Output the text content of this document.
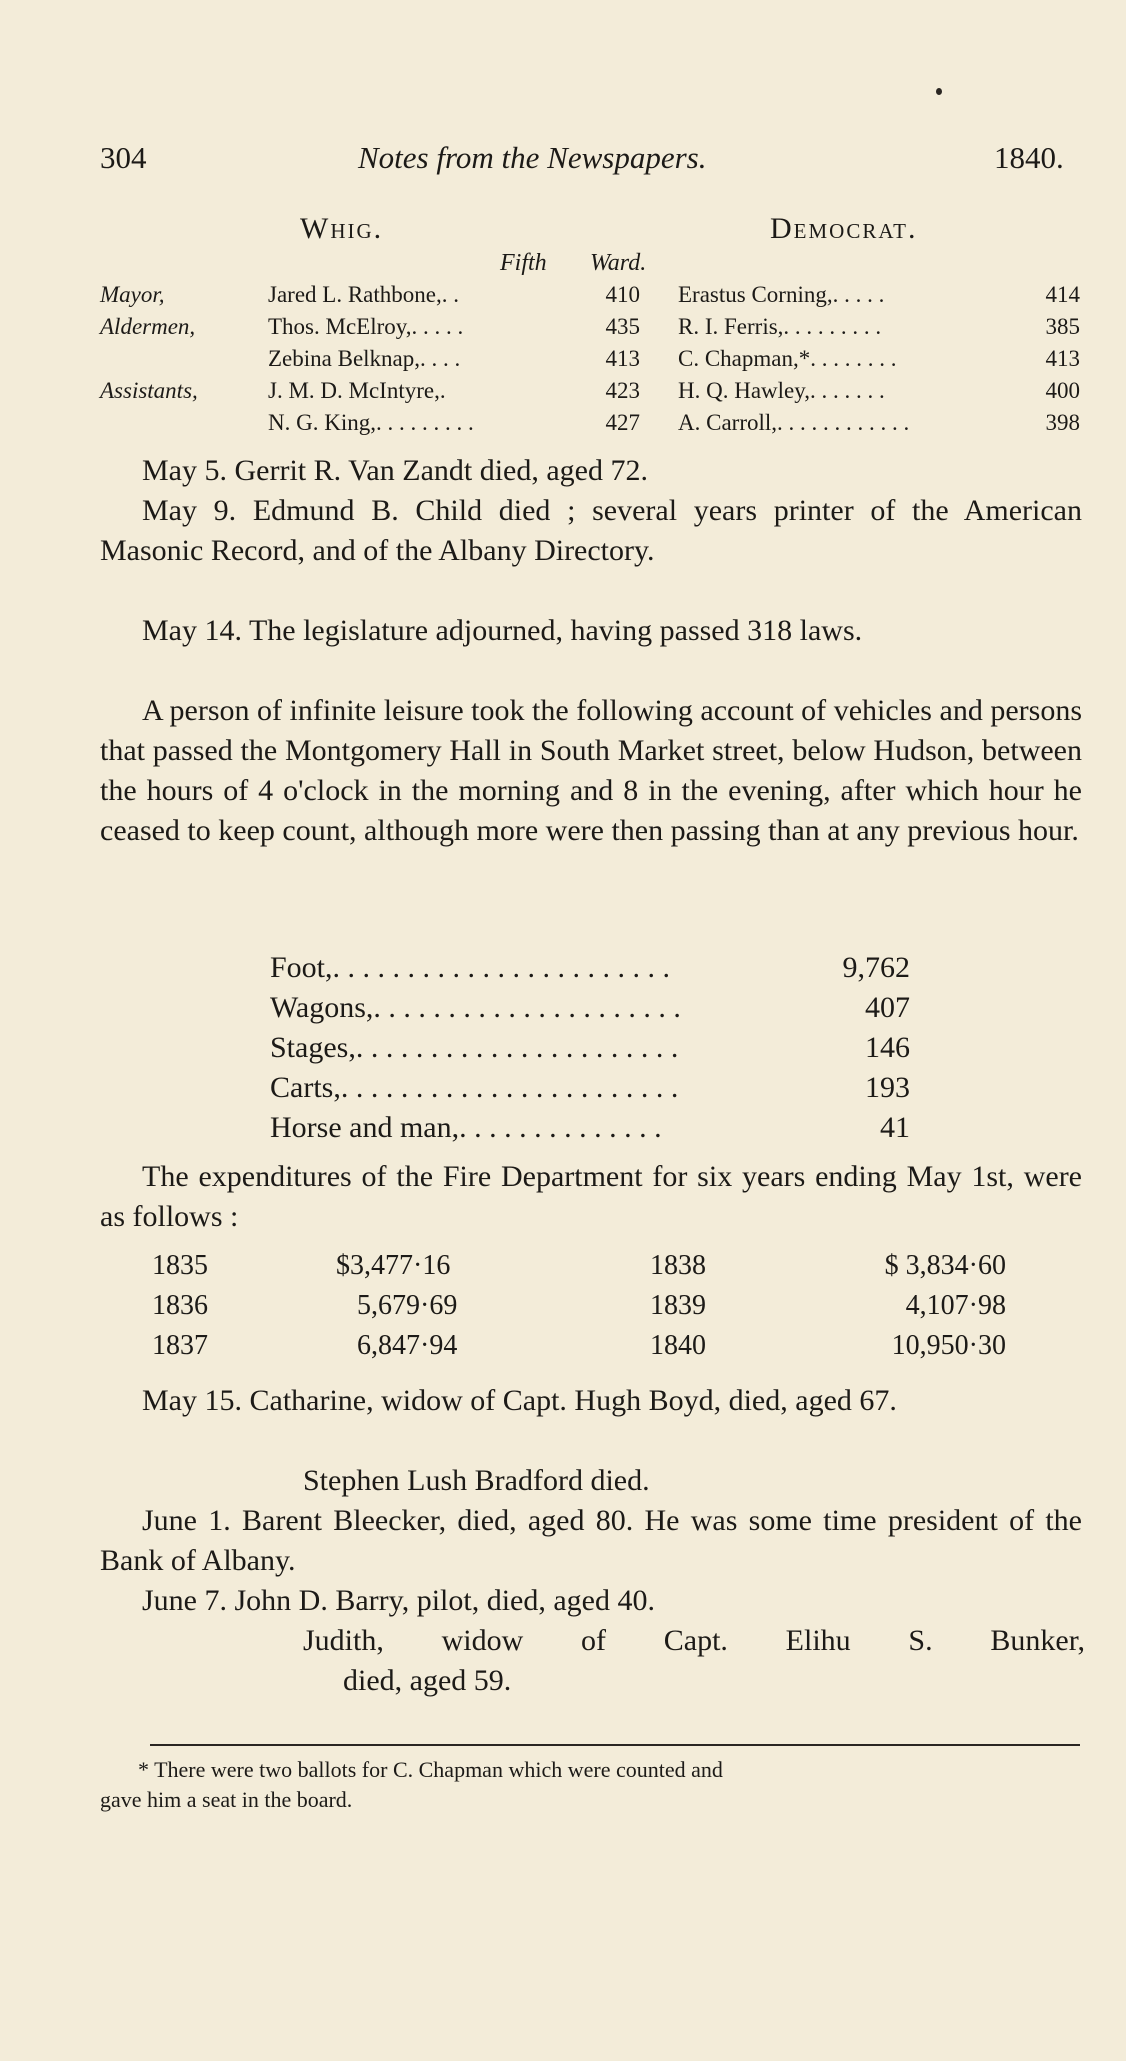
304	Notes from the Newspapers.	1840.
Whig.	Democrat.
Fifth Ward.
Mayor,	Jared L. Rathbone,. .	410 Erastus Corning,. . . . .	414
Aldermen,	Thos. McElroy,. . . . .	435 R. I. Ferris,. . . . . . . . .	385
Zebina Belknap,. . . .	413 C. Chapman,*. . . . . . . .	413
Assistants,	J. M. D. McIntyre,.	423 H. Q. Hawley,. . . . . . .	400
N. G. King,. . . . . . . . .	427 A. Carroll,. . . . . . . . . . . .	398
May 5. Gerrit R. Van Zandt died, aged 72.
May 9. Edmund B. Child died ; several years printer of the American Masonic Record, and of the Albany Directory.
May 14. The legislature adjourned, having passed 318 laws.
A person of infinite leisure took the following account of vehicles and persons that passed the Montgomery Hall in South Market street, below Hudson, between the hours of 4 o'clock in the morning and 8 in the evening, after which hour he ceased to keep count, although more were then passing than at any previous hour.
Foot,. . . . . . . . . . . . . . . . . . . . . . .	9,762
Wagons,. . . . . . . . . . . . . . . . . . . . .	407
Stages,. . . . . . . . . . . . . . . . . . . . . .	146
Carts,. . . . . . . . . . . . . . . . . . . . . . .	193
Horse and man,. . . . . . . . . . . . . .	41
The expenditures of the Fire Department for six years ending May 1st, were as follows :
1835	$3,477·16	1838	$ 3,834·60
1836	5,679·69	1839	4,107·98
1837	6,847·94	1840	10,950·30
May 15. Catharine, widow of Capt. Hugh Boyd, died, aged 67.
Stephen Lush Bradford died.
June 1. Barent Bleecker, died, aged 80. He was some time president of the Bank of Albany.
June 7. John D. Barry, pilot, died, aged 40.
Judith, widow of Capt. Elihu S. Bunker,
died, aged 59.
* There were two ballots for C. Chapman which were counted and
gave him a seat in the board.
